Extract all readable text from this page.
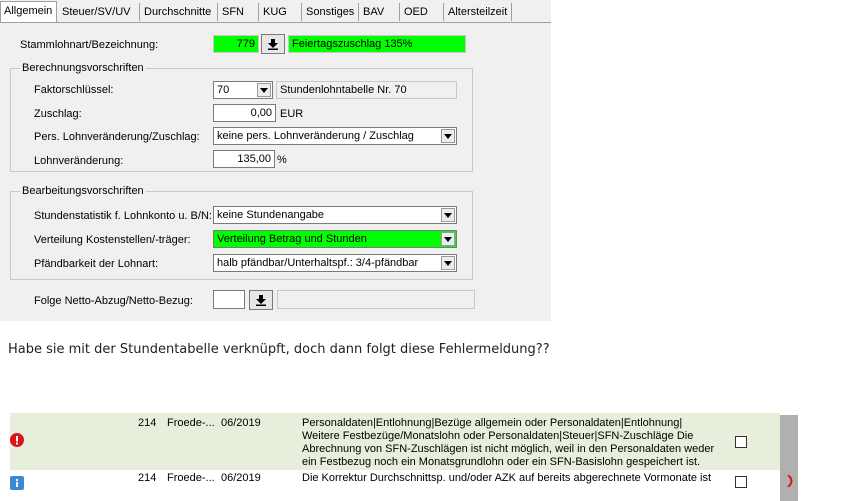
Allgemein Steuer/SV/UV	Durchschnitte SFN	KUG	Sonstiges BAV	OED	Altersteilzeit
Stammlohnart/Bezeichnung:	779	Feiertagszuschlag 135%
Berechnungsvorschriften
Faktorschlüssel:	70	Stundenlohntabelle Nr. 70
Zuschlag:	0,00 EUR
Pers. Lohnveränderung/Zuschlag:	keine pers. Lohnveränderung / Zuschlag
Lohnveränderung:	135,00 %
Bearbeitungsvorschriften
Stundenstatistik f. Lohnkonto u. B/N: keine Stundenangabe
Verteilung Kostenstellen/-träger:	Verteilung Betrag und Stunden
Pfändbarkeit der Lohnart:	halb pfändbar/Unterhaltspf.: 3/4-pfändbar
Folge Netto-Abzug/Netto-Bezug:
Habe sie mit der Stundentabelle verknüpft, doch dann folgt diese Fehlermeldung??
214 Froede-... 06/2019	Personaldaten|Entlohnung|Bezüge allgemein oder Personaldaten|Entlohnung|
Weitere Festbezüge/Monatslohn oder Personaldaten|Steuer|SFN-Zuschläge Die
Abrechnung von SFN-Zuschlägen ist nicht möglich, weil in den Personaldaten weder
ein Festbezug noch ein Monatsgrundlohn oder ein SFN-Basislohn gespeichert ist.
214 Froede-... 06/2019	Die Korrektur Durchschnittsp. und/oder AZK auf bereits abgerechnete Vormonate ist
